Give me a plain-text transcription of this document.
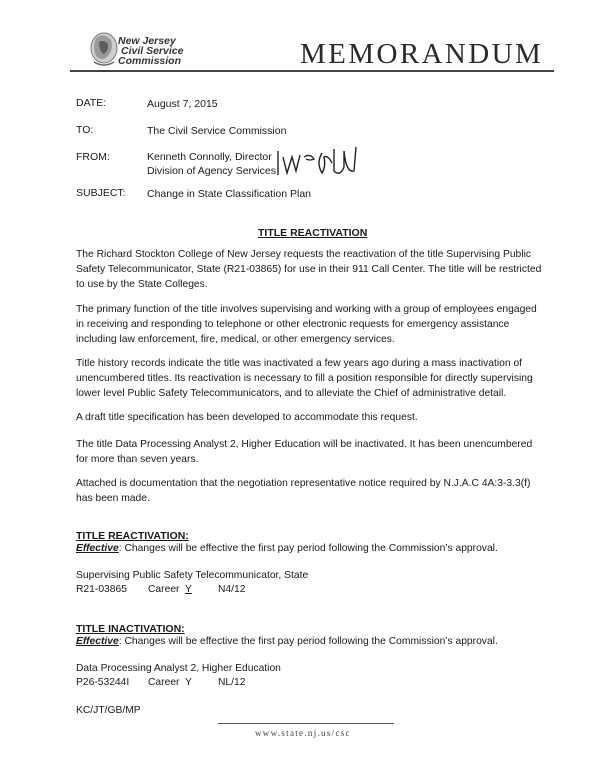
New Jersey
Civil Service
Commission	MEMORANDUM
DATE:	August 7, 2015
TO:	The Civil Service Commission
FROM:	Kenneth Connolly, Director
Division of Agency Services
SUBJECT: Change in State Classification Plan
TITLE REACTIVATION
The Richard Stockton College of New Jersey requests the reactivation of the title Supervising Public Safety Telecommunicator, State (R21-03865) for use in their 911 Call Center. The title will be restricted to use by the State Colleges.
The primary function of the title involves supervising and working with a group of employees engaged in receiving and responding to telephone or other electronic requests for emergency assistance including law enforcement, fire, medical, or other emergency services.
Title history records indicate the title was inactivated a few years ago during a mass inactivation of unencumbered titles. Its reactivation is necessary to fill a position responsible for directly supervising lower level Public Safety Telecommunicators, and to alleviate the Chief of administrative detail.
A draft title specification has been developed to accommodate this request.
The title Data Processing Analyst 2, Higher Education will be inactivated. It has been unencumbered for more than seven years.
Attached is documentation that the negotiation representative notice required by N.J.A.C 4A:3-3.3(f) has been made.
TITLE REACTIVATION:
Effective: Changes will be effective the first pay period following the Commission’s approval.
Supervising Public Safety Telecommunicator, State
R21-03865 Career Y	N4/12
TITLE INACTIVATION:
Effective: Changes will be effective the first pay period following the Commission’s approval.
Data Processing Analyst 2, Higher Education
P26-53244I Career Y	NL/12
KC/JT/GB/MP
www.state.nj.us/csc
